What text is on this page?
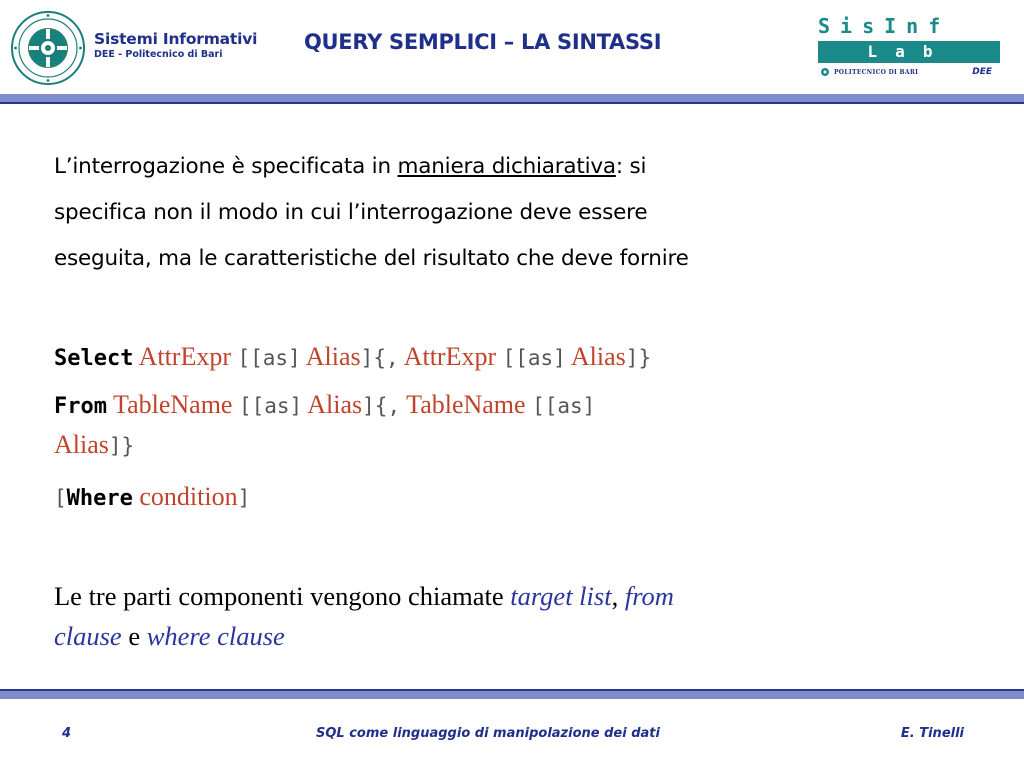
Sistemi Informativi
DEE - Politecnico di Bari
QUERY SEMPLICI – LA SINTASSI
SisInf
Lab
POLITECNICO DI BARI	DEE
L’interrogazione è specificata in maniera dichiarativa: si
specifica non il modo in cui l’interrogazione deve essere
eseguita, ma le caratteristiche del risultato che deve fornire
Select AttrExpr [[as] Alias]{, AttrExpr [[as] Alias]}
From TableName [[as] Alias]{, TableName [[as]
Alias]}
[Where condition]
Le tre parti componenti vengono chiamate target list, from
clause e where clause
4	SQL come linguaggio di manipolazione dei dati	E. Tinelli
